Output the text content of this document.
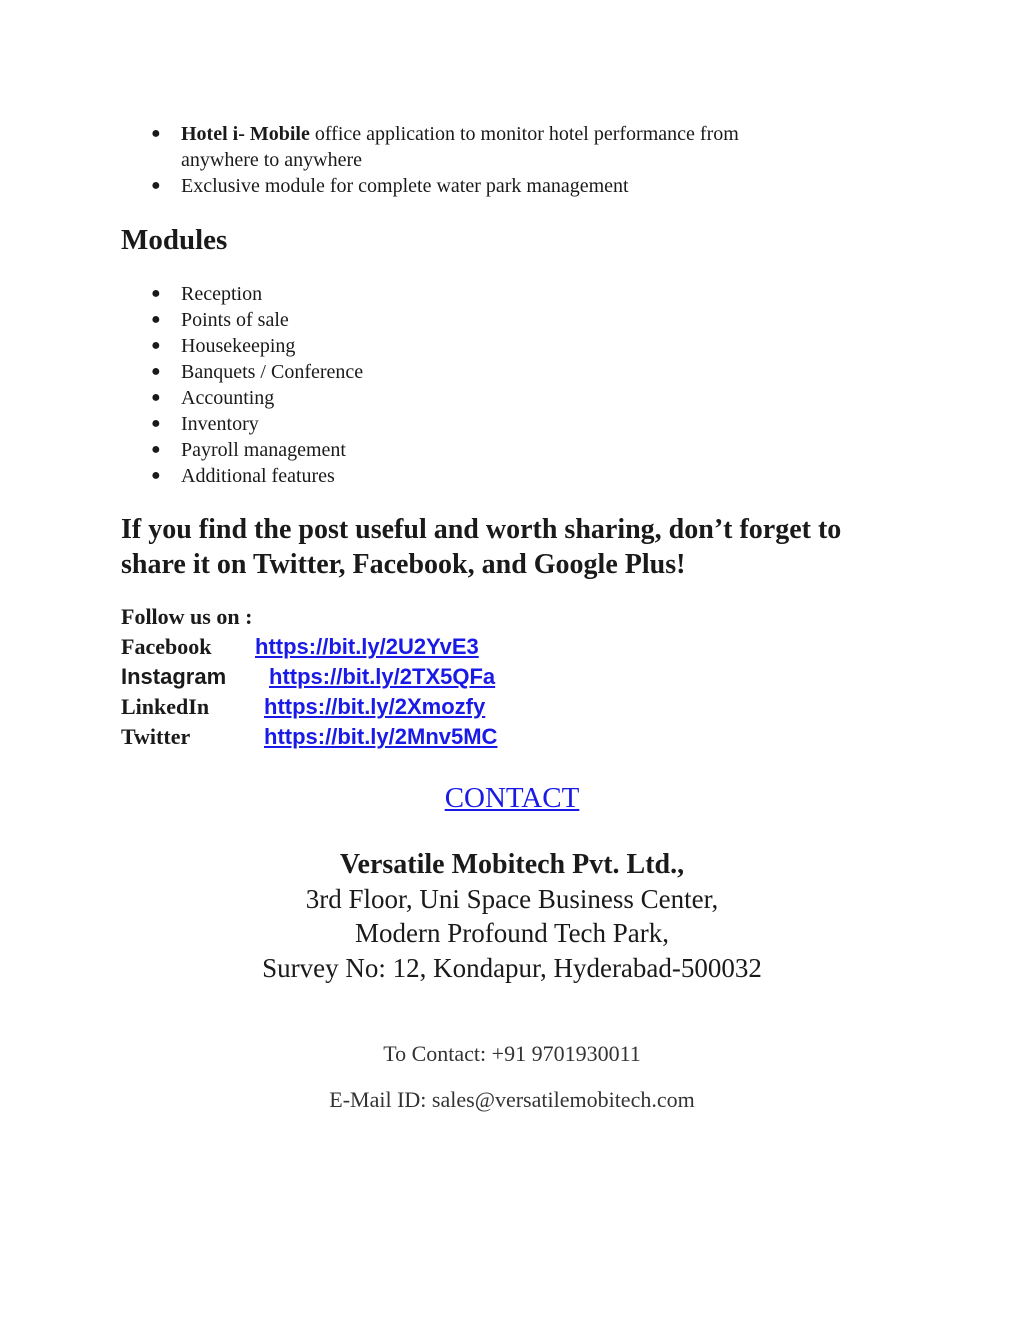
● Hotel i- Mobile office application to monitor hotel performance from
anywhere to anywhere
● Exclusive module for complete water park management
Modules
● Reception
● Points of sale
● Housekeeping
● Banquets / Conference
● Accounting
● Inventory
● Payroll management
● Additional features
If you find the post useful and worth sharing, don’t forget to
share it on Twitter, Facebook, and Google Plus!
Follow us on :
Facebook https://bit.ly/2U2YvE3
Instagram https://bit.ly/2TX5QFa
LinkedIn https://bit.ly/2Xmozfy
Twitter	https://bit.ly/2Mnv5MC
CONTACT
Versatile Mobitech Pvt. Ltd.,
3rd Floor, Uni Space Business Center,
Modern Profound Tech Park,
Survey No: 12, Kondapur, Hyderabad-500032
To Contact: +91 9701930011
E-Mail ID: sales@versatilemobitech.com
